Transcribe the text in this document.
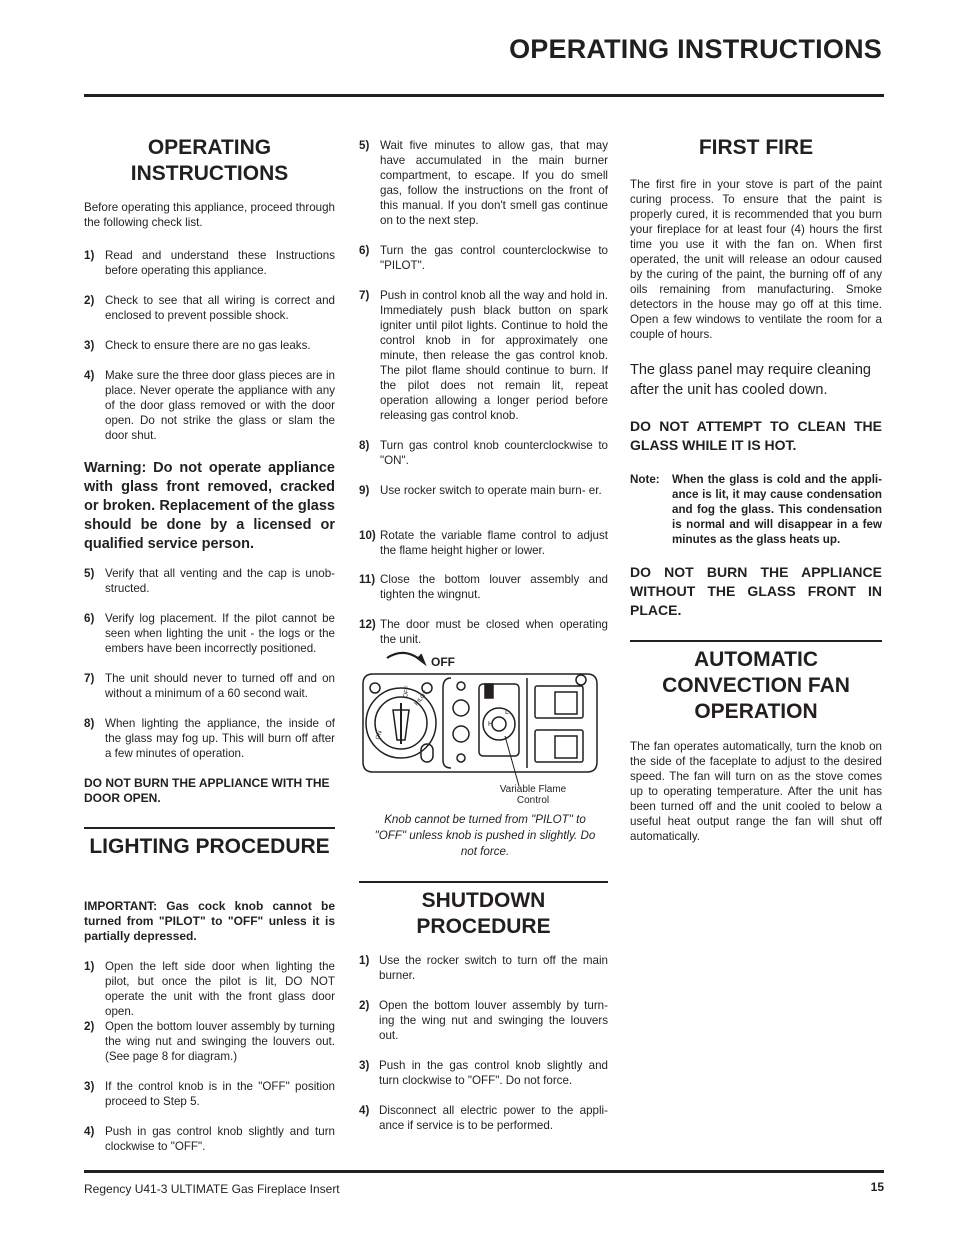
OPERATING INSTRUCTIONS
OPERATING INSTRUCTIONS
Before operating this appliance, proceed through the following check list.
1) Read and understand these Instructions before operating this appliance.
2) Check to see that all wiring is correct and enclosed to prevent possible shock.
3) Check to ensure there are no gas leaks.
4) Make sure the three door glass pieces are in place. Never operate the appliance with any of the door glass removed or with the door open. Do not strike the glass or slam the door shut.
Warning: Do not operate appliance with glass front removed, cracked or broken. Replacement of the glass should be done by a licensed or qualified service person.
5) Verify that all venting and the cap is unob- structed.
6) Verify log placement. If the pilot cannot be seen when lighting the unit - the logs or the embers have been incorrectly positioned.
7) The unit should never to turned off and on without a minimum of a 60 second wait.
8) When lighting the appliance, the inside of the glass may fog up. This will burn off after a few minutes of operation.
DO NOT BURN THE APPLIANCE WITH THE DOOR OPEN.
LIGHTING PROCEDURE
IMPORTANT: Gas cock knob cannot be turned from "PILOT" to "OFF" unless it is partially depressed.
1) Open the left side door when lighting the pilot, but once the pilot is lit, DO NOT operate the unit with the front glass door open.
2) Open the bottom louver assembly by turning the wing nut and swinging the louvers out. (See page 8 for diagram.)
3) If the control knob is in the "OFF" position proceed to Step 5.
4) Push in gas control knob slightly and turn clockwise to "OFF".
5) Wait five minutes to allow gas, that may have accumulated in the main burner compartment, to escape. If you do smell gas, follow the instructions on the front of this manual. If you don't smell gas continue on to the next step.
6) Turn the gas control counterclockwise to "PILOT".
7) Push in control knob all the way and hold in. Immediately push black button on spark igniter until pilot lights. Continue to hold the control knob in for approximately one minute, then release the gas control knob. The pilot flame should continue to burn. If the pilot does not remain lit, repeat operation allowing a longer period before releasing gas control knob.
8) Turn gas control knob counterclockwise to "ON".
9) Use rocker switch to operate main burn- er.
10) Rotate the variable flame control to adjust the flame height higher or lower.
11) Close the bottom louver assembly and tighten the wingnut.
12) The door must be closed when operating the unit.
OFF
OFF PILOT
ON
H
L
Variable Flame Control
Knob cannot be turned from "PILOT" to "OFF" unless knob is pushed in slightly. Do not force.
SHUTDOWN PROCEDURE
1) Use the rocker switch to turn off the main burner.
2) Open the bottom louver assembly by turn- ing the wing nut and swinging the louvers out.
3) Push in the gas control knob slightly and turn clockwise to "OFF". Do not force.
4) Disconnect all electric power to the appli- ance if service is to be performed.
FIRST FIRE
The first fire in your stove is part of the paint curing process. To ensure that the paint is properly cured, it is recommended that you burn your fireplace for at least four (4) hours the first time you use it with the fan on. When first operated, the unit will release an odour caused by the curing of the paint, the burning off of any oils remaining from manufacturing. Smoke detectors in the house may go off at this time. Open a few windows to ventilate the room for a couple of hours.
The glass panel may require cleaning after the unit has cooled down.
DO NOT ATTEMPT TO CLEAN THE GLASS WHILE IT IS HOT.
Note: When the glass is cold and the appli- ance is lit, it may cause condensation and fog the glass. This condensation is normal and will disappear in a few minutes as the glass heats up.
DO NOT BURN THE APPLIANCE WITHOUT THE GLASS FRONT IN PLACE.
AUTOMATIC CONVECTION FAN OPERATION
The fan operates automatically, turn the knob on the side of the faceplate to adjust to the desired speed. The fan will turn on as the stove comes up to operating temperature. After the unit has been turned off and the unit cooled to below a useful heat output range the fan will shut off automatically.
Regency U41-3 ULTIMATE Gas Fireplace Insert	15
